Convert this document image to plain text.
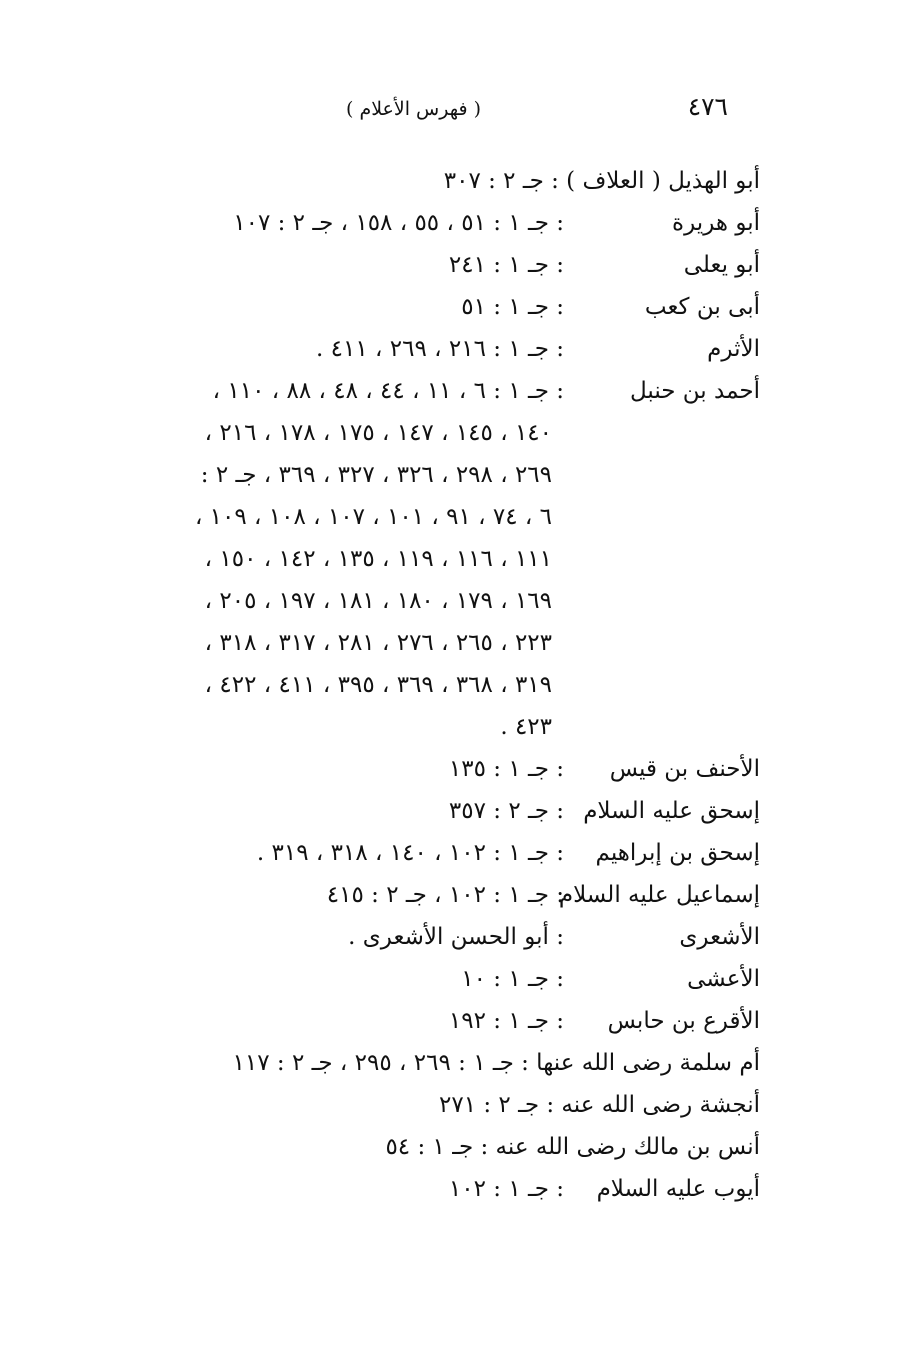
٤٧٦
( فهرس الأعلام )
أبو الهذيل ( العلاف ) : جـ ٢ : ٣٠٧
أبو هريرة
: جـ ١ : ٥١ ، ٥٥ ، ١٥٨ ، جـ ٢ : ١٠٧
أبو يعلى
: جـ ١ : ٢٤١
أبى بن كعب
: جـ ١ : ٥١
الأثرم
: جـ ١ : ٢١٦ ، ٢٦٩ ، ٤١١ .
أحمد بن حنبل
: جـ ١ : ٦ ، ١١ ، ٤٤ ، ٤٨ ، ٨٨ ، ١١٠ ،
١٤٠ ، ١٤٥ ، ١٤٧ ، ١٧٥ ، ١٧٨ ، ٢١٦ ،
٢٦٩ ، ٢٩٨ ، ٣٢٦ ، ٣٢٧ ، ٣٦٩ ، جـ ٢ :
٦ ، ٧٤ ، ٩١ ، ١٠١ ، ١٠٧ ، ١٠٨ ، ١٠٩ ،
١١١ ، ١١٦ ، ١١٩ ، ١٣٥ ، ١٤٢ ، ١٥٠ ،
١٦٩ ، ١٧٩ ، ١٨٠ ، ١٨١ ، ١٩٧ ، ٢٠٥ ،
٢٢٣ ، ٢٦٥ ، ٢٧٦ ، ٢٨١ ، ٣١٧ ، ٣١٨ ،
٣١٩ ، ٣٦٨ ، ٣٦٩ ، ٣٩٥ ، ٤١١ ، ٤٢٢ ،
٤٢٣ .
الأحنف بن قيس
: جـ ١ : ١٣٥
إسحق عليه السلام
: جـ ٢ : ٣٥٧
إسحق بن إبراهيم
: جـ ١ : ١٠٢ ، ١٤٠ ، ٣١٨ ، ٣١٩ .
إسماعيل عليه السلام
: جـ ١ : ١٠٢ ، جـ ٢ : ٤١٥
الأشعرى
: أبو الحسن الأشعرى .
الأعشى
: جـ ١ : ١٠
الأقرع بن حابس
: جـ ١ : ١٩٢
أم سلمة رضى الله عنها : جـ ١ : ٢٦٩ ، ٢٩٥ ، جـ ٢ : ١١٧
أنجشة رضى الله عنه : جـ ٢ : ٢٧١
أنس بن مالك رضى الله عنه : جـ ١ : ٥٤
أيوب عليه السلام
: جـ ١ : ١٠٢
